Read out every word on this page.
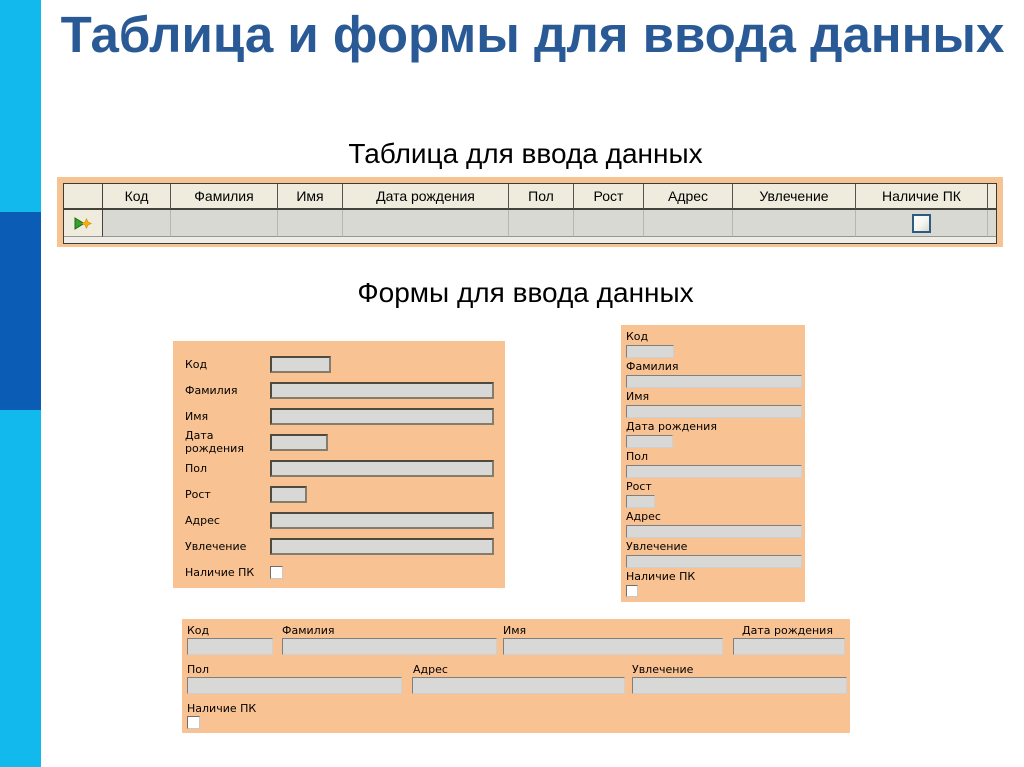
Таблица и формы для ввода данных
Таблица для ввода данных
Код	Фамилия	Имя	Дата рождения	Пол	Рост	Адрес	Увлечение	Наличие ПК
Формы для ввода данных
Код
Фамилия
Имя
Дата рождения
Пол
Рост
Адрес
Увлечение
Наличие ПК
Код
Фамилия
Имя
Дата рождения
Пол
Рост
Адрес
Увлечение
Наличие ПК
Код	Фамилия	Имя	Дата рождения
Пол	Адрес	Увлечение
Наличие ПК
